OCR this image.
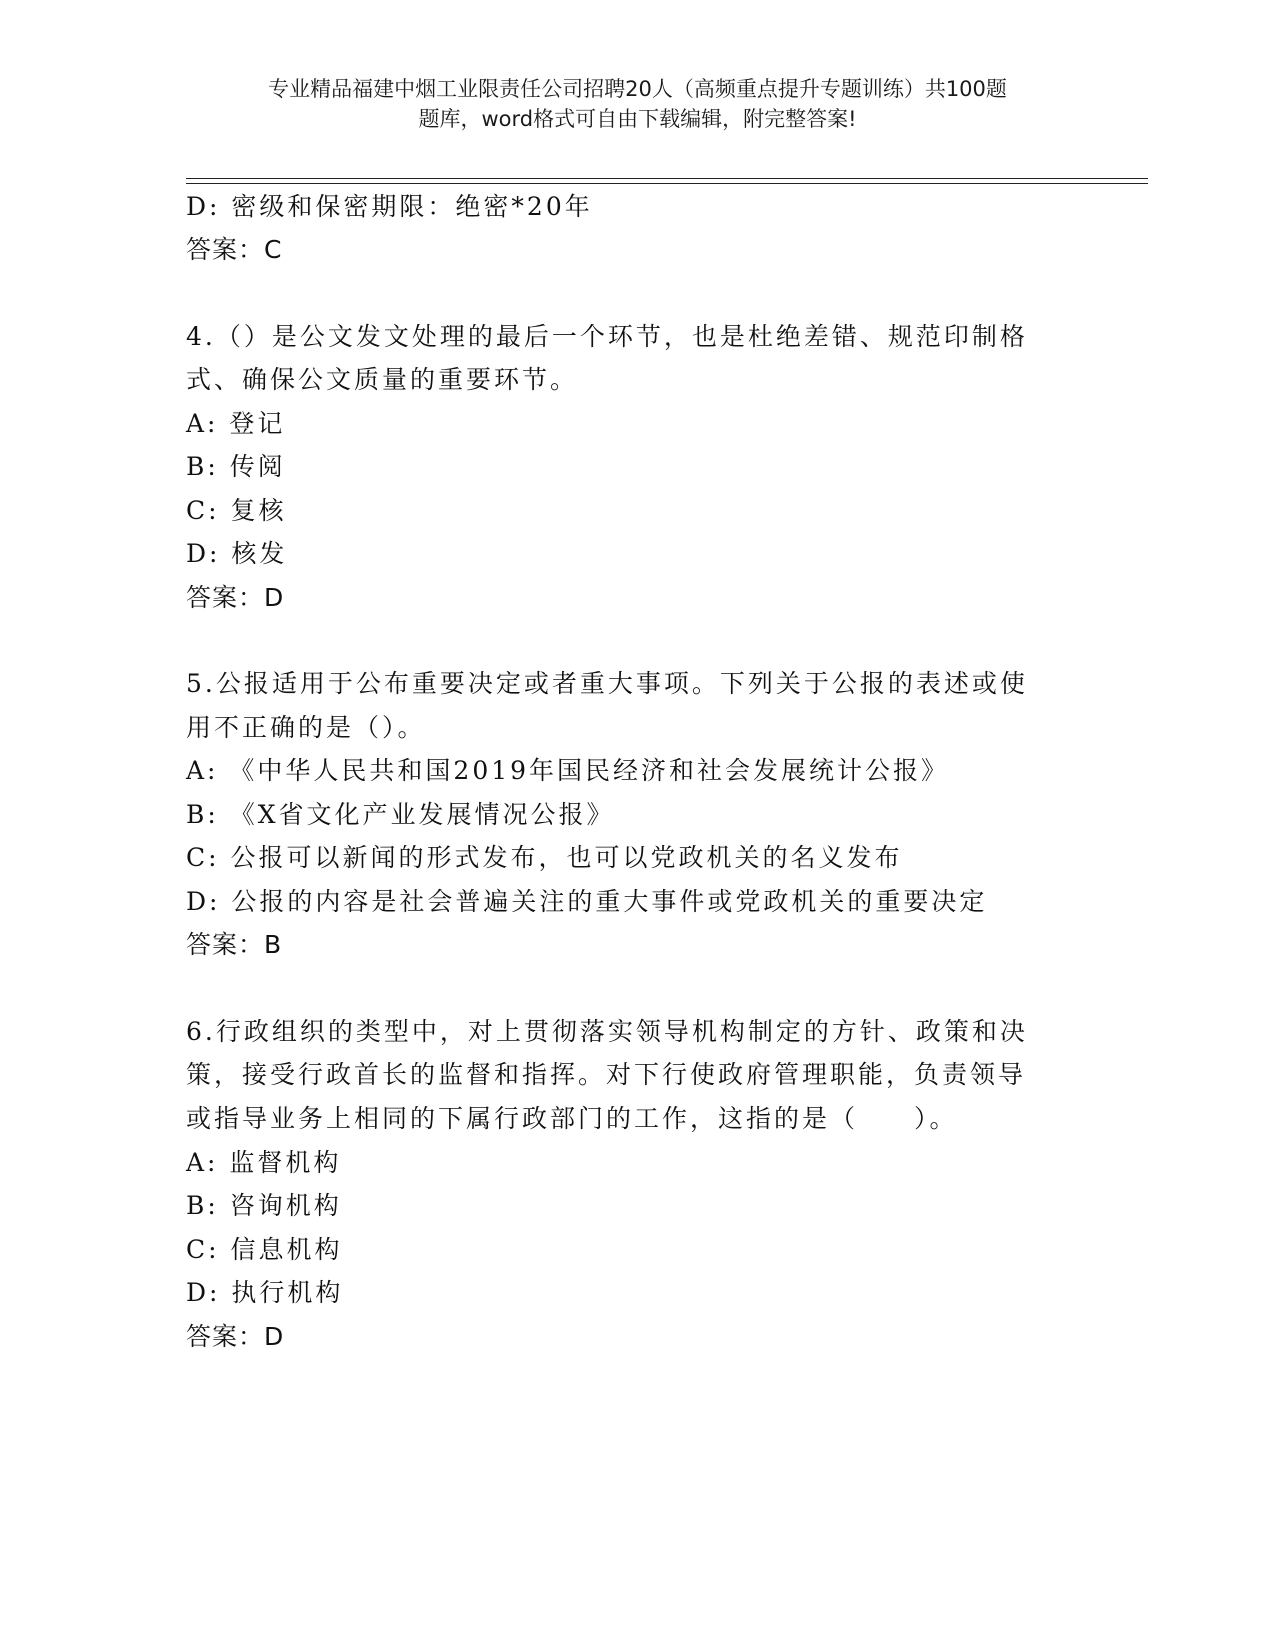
专业精品福建中烟工业限责任公司招聘20人（高频重点提升专题训练）共100题
题库，word格式可自由下载编辑，附完整答案!
D: 密级和保密期限：绝密*20年
答案：C
4.（）是公文发文处理的最后一个环节，也是杜绝差错、规范印制格
式、确保公文质量的重要环节。
A: 登记
B: 传阅
C: 复核
D: 核发
答案：D
5.公报适用于公布重要决定或者重大事项。下列关于公报的表述或使
用不正确的是（）。
A: 《中华人民共和国2019年国民经济和社会发展统计公报》
B: 《X省文化产业发展情况公报》
C: 公报可以新闻的形式发布，也可以党政机关的名义发布
D: 公报的内容是社会普遍关注的重大事件或党政机关的重要决定
答案：B
6.行政组织的类型中，对上贯彻落实领导机构制定的方针、政策和决
策，接受行政首长的监督和指挥。对下行使政府管理职能，负责领导
或指导业务上相同的下属行政部门的工作，这指的是（　　）。
A: 监督机构
B: 咨询机构
C: 信息机构
D: 执行机构
答案：D
